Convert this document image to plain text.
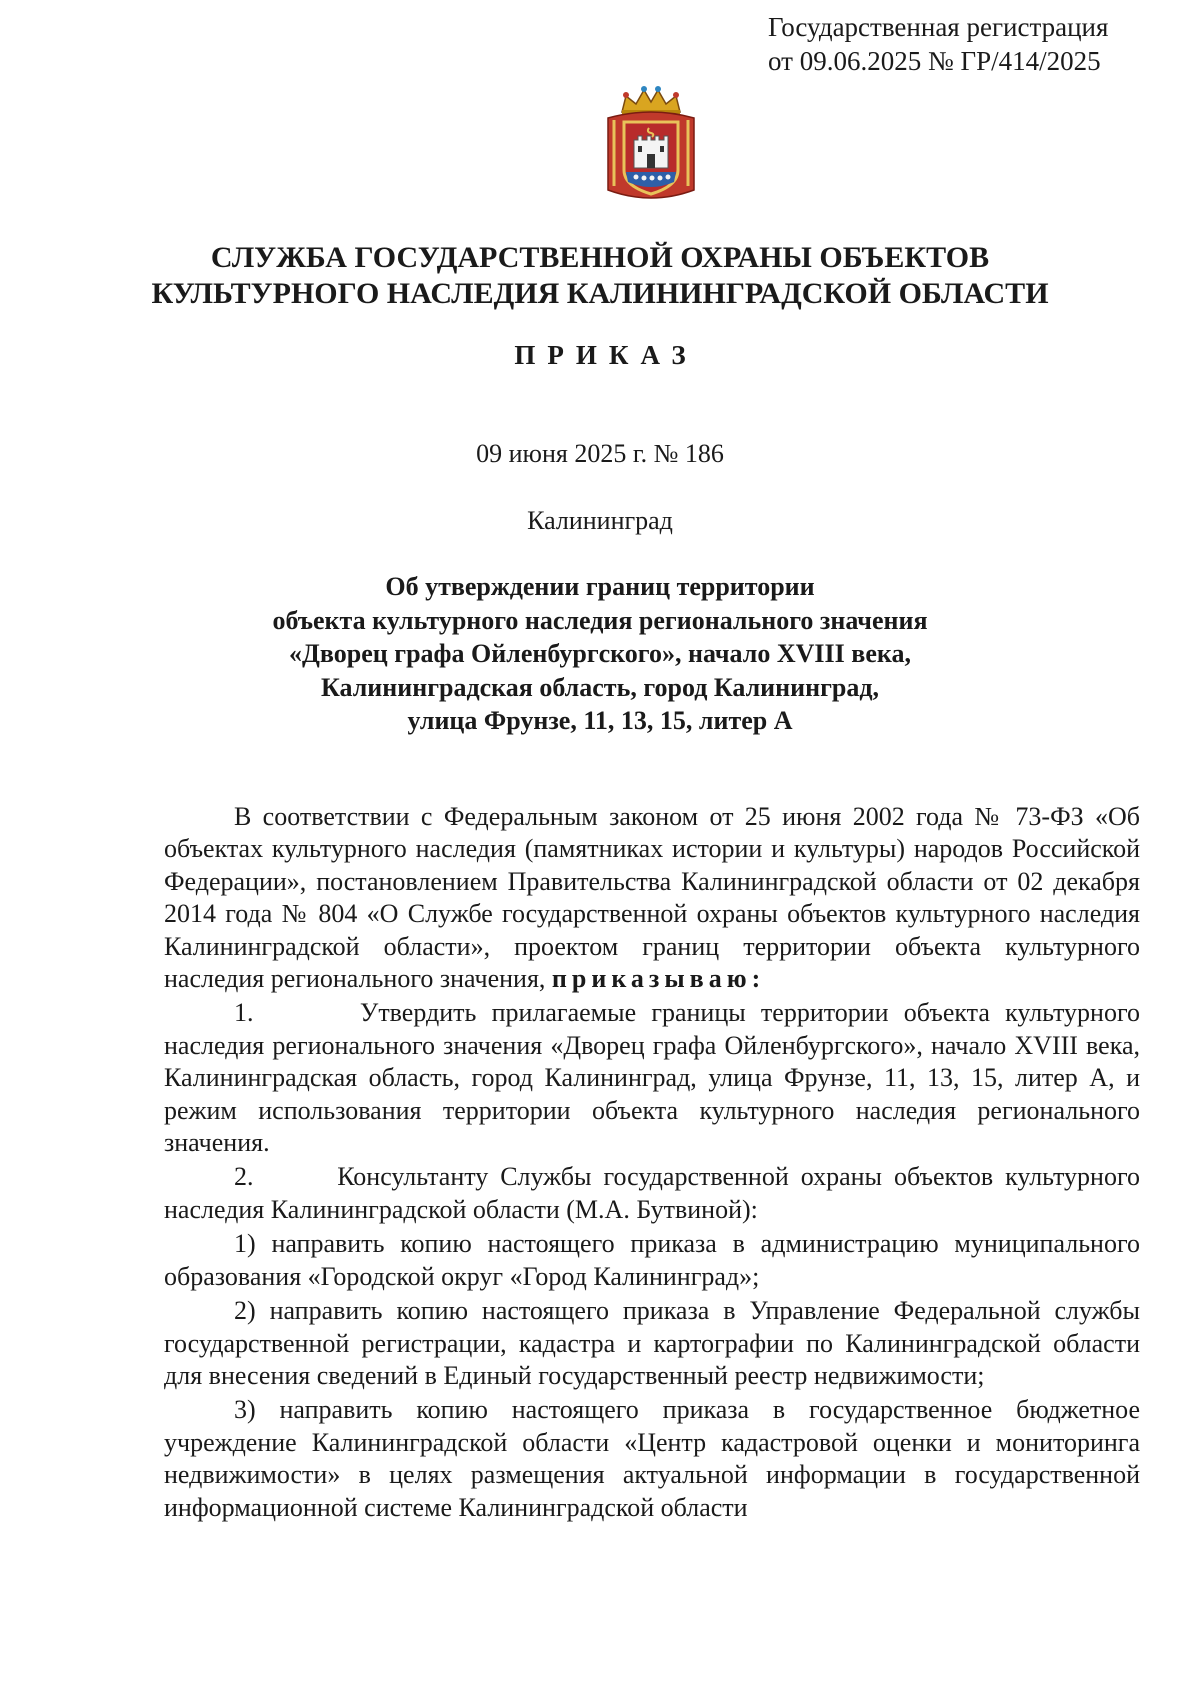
Государственная регистрация
от 09.06.2025 № ГР/414/2025
СЛУЖБА ГОСУДАРСТВЕННОЙ ОХРАНЫ ОБЪЕКТОВ
КУЛЬТУРНОГО НАСЛЕДИЯ КАЛИНИНГРАДСКОЙ ОБЛАСТИ
ПРИКАЗ
09 июня 2025 г. № 186
Калининград
Об утверждении границ территории
объекта культурного наследия регионального значения
«Дворец графа Ойленбургского», начало XVIII века,
Калининградская область, город Калининград,
улица Фрунзе, 11, 13, 15, литер А

В соответствии с Федеральным законом от 25 июня 2002 года № 73-ФЗ «Об объектах культурного наследия (памятниках истории и культуры) народов Российской Федерации», постановлением Правительства Калининградской области от 02 декабря 2014 года № 804 «О Службе государственной охраны объектов культурного наследия Калининградской области», проектом границ территории объекта культурного наследия регионального значения, приказываю:

1.       Утвердить прилагаемые границы территории объекта культурного наследия регионального значения «Дворец графа Ойленбургского», начало XVIII века, Калининградская область, город Калининград, улица Фрунзе, 11, 13, 15, литер А, и режим использования территории объекта культурного наследия регионального значения.

2.       Консультанту Службы государственной охраны объектов культурного наследия Калининградской области (М.А. Бутвиной):

1) направить копию настоящего приказа в администрацию муниципального образования «Городской округ «Город Калининград»;

2) направить копию настоящего приказа в Управление Федеральной службы государственной регистрации, кадастра и картографии по Калининградской области для внесения сведений в Единый государственный реестр недвижимости;

3) направить копию настоящего приказа в государственное бюджетное учреждение Калининградской области «Центр кадастровой оценки и мониторинга недвижимости» в целях размещения актуальной информации в государственной информационной системе Калининградской области
